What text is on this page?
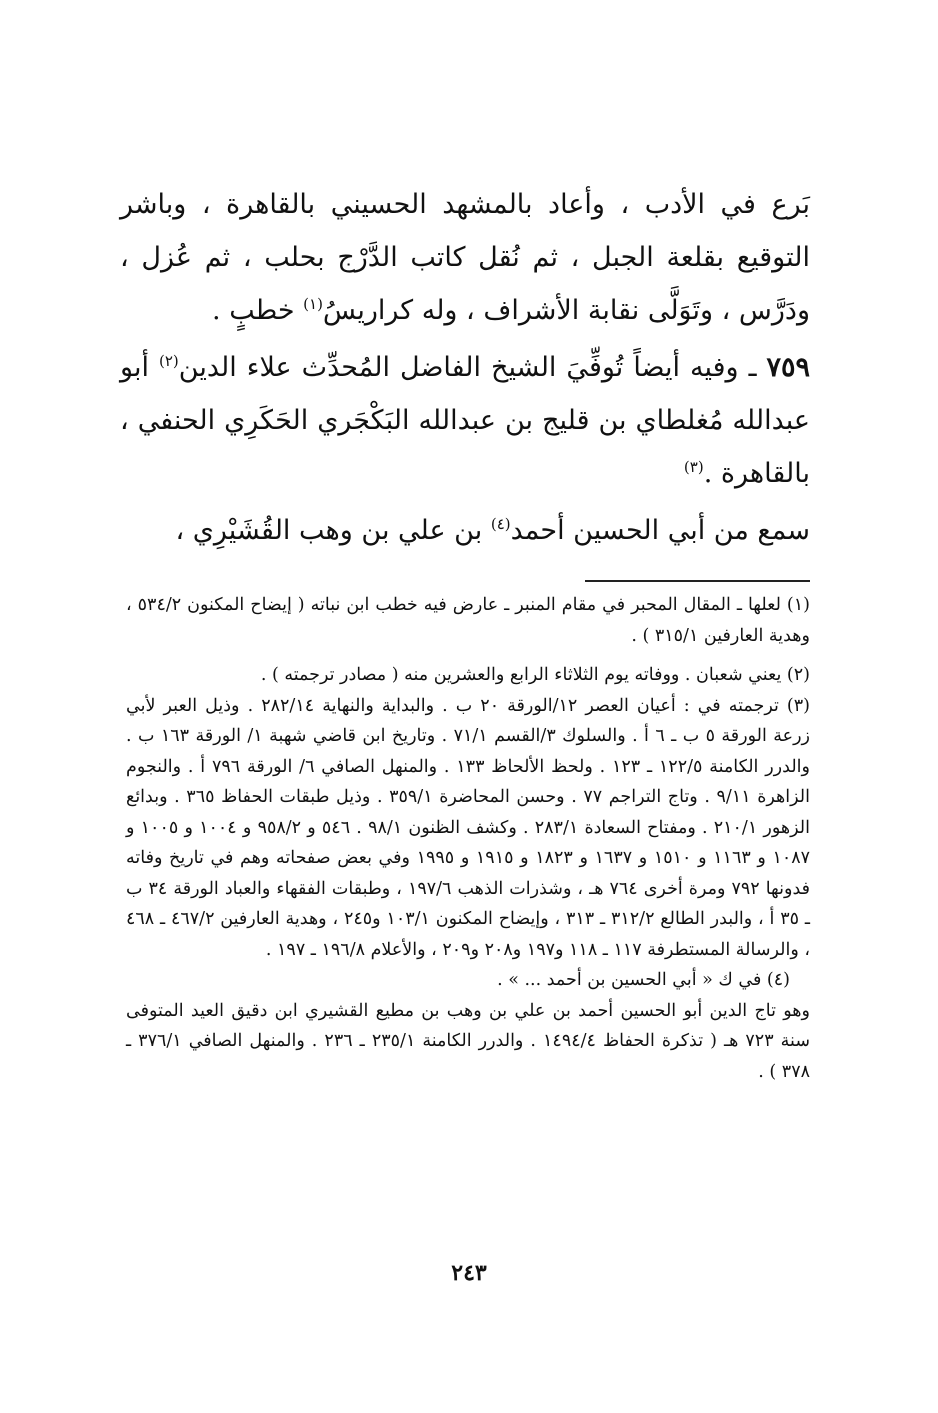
بَرع في الأدب ، وأعاد بالمشهد الحسيني بالقاهرة ، وباشر التوقيع بقلعة الجبل ، ثم نُقل كاتب الدَّرْج بحلب ، ثم عُزل ، ودَرَّس ، وتَوَلَّى نقابة الأشراف ، وله كراريسُ$^{(١)}$ خطبٍ .

٧٥٩ ـ وفيه أيضاً تُوفِّيَ الشيخ الفاضل المُحدِّث علاء الدين$^{(٢)}$ أبو عبدالله مُغلطاي بن قليج بن عبدالله البَكْجَري الحَكَرِي الحنفي ، بالقاهرة .$^{(٣)}$

سمع من أبي الحسين أحمد$^{(٤)}$ بن علي بن وهب القُشَيْرِي ،

(١) لعلها ـ المقال المحبر في مقام المنبر ـ عارض فيه خطب ابن نباته ( إيضاح المكنون ٥٣٤/٢ ، وهدية العارفين ٣١٥/١ ) .

(٢) يعني شعبان . ووفاته يوم الثلاثاء الرابع والعشرين منه ( مصادر ترجمته ) .

(٣) ترجمته في : أعيان العصر ١٢/الورقة ٢٠ ب . والبداية والنهاية ٢٨٢/١٤ . وذيل العبر لأبي زرعة الورقة ٥ ب ـ ٦ أ . والسلوك ٣/القسم ٧١/١ . وتاريخ ابن قاضي شهبة ١/ الورقة ١٦٣ ب . والدرر الكامنة ١٢٢/٥ ـ ١٢٣ . ولحظ الألحاظ ١٣٣ . والمنهل الصافي ٦/ الورقة ٧٩٦ أ . والنجوم الزاهرة ٩/١١ . وتاج التراجم ٧٧ . وحسن المحاضرة ٣٥٩/١ . وذيل طبقات الحفاظ ٣٦٥ . وبدائع الزهور ٢١٠/١ . ومفتاح السعادة ٢٨٣/١ . وكشف الظنون ٩٨/١ . ٥٤٦ و ٩٥٨/٢ و ١٠٠٤ و ١٠٠٥ و ١٠٨٧ و ١١٦٣ و ١٥١٠ و ١٦٣٧ و ١٨٢٣ و ١٩١٥ و ١٩٩٥ وفي بعض صفحاته وهم في تاريخ وفاته فدونها ٧٩٢ ومرة أخرى ٧٦٤ هـ ، وشذرات الذهب ١٩٧/٦ ، وطبقات الفقهاء والعباد الورقة ٣٤ ب ـ ٣٥ أ ، والبدر الطالع ٣١٢/٢ ـ ٣١٣ ، وإيضاح المكنون ١٠٣/١ و٢٤٥ ، وهدية العارفين ٤٦٧/٢ ـ ٤٦٨ ، والرسالة المستطرفة ١١٧ ـ ١١٨ و١٩٧ و٢٠٨ و٢٠٩ ، والأعلام ١٩٦/٨ ـ ١٩٧ .

(٤) في ك « أبي الحسين بن أحمد ... » .

وهو تاج الدين أبو الحسين أحمد بن علي بن وهب بن مطيع القشيري ابن دقيق العيد المتوفى سنة ٧٢٣ هـ ( تذكرة الحفاظ ١٤٩٤/٤ . والدرر الكامنة ٢٣٥/١ ـ ٢٣٦ . والمنهل الصافي ٣٧٦/١ ـ ٣٧٨ ) .

٢٤٣
